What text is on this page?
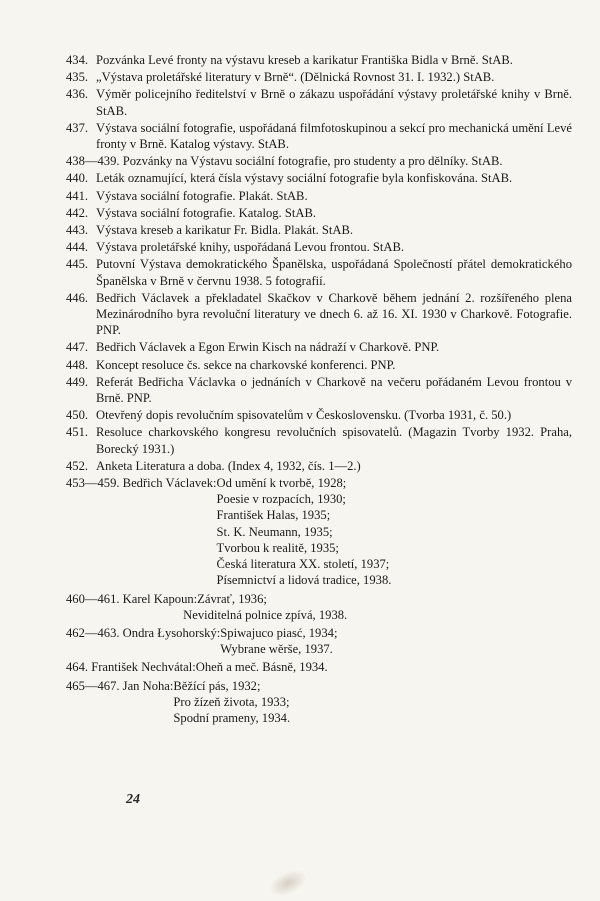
434. Pozvánka Levé fronty na výstavu kreseb a karikatur Františka Bidla v Brně. StAB.
435. „Výstava proletářské literatury v Brně“. (Dělnická Rovnost 31. I. 1932.) StAB.
436. Výměr policejního ředitelství v Brně o zákazu uspořádání výstavy proletářské knihy v Brně. StAB.
437. Výstava sociální fotografie, uspořádaná filmfotoskupinou a sekcí pro mechanická umění Levé fronty v Brně. Katalog výstavy. StAB.
438—439. Pozvánky na Výstavu sociální fotografie, pro studenty a pro dělníky. StAB.
440. Leták oznamující, která čísla výstavy sociální fotografie byla konfiskována. StAB.
441. Výstava sociální fotografie. Plakát. StAB.
442. Výstava sociální fotografie. Katalog. StAB.
443. Výstava kreseb a karikatur Fr. Bidla. Plakát. StAB.
444. Výstava proletářské knihy, uspořádaná Levou frontou. StAB.
445. Putovní Výstava demokratického Španělska, uspořádaná Společností přátel demokratického Španělska v Brně v červnu 1938. 5 fotografií.
446. Bedřich Václavek a překladatel Skačkov v Charkově během jednání 2. rozšířeného plena Mezinárodního byra revoluční literatury ve dnech 6. až 16. XI. 1930 v Charkově. Fotografie. PNP.
447. Bedřich Václavek a Egon Erwin Kisch na nádraží v Charkově. PNP.
448. Koncept resoluce čs. sekce na charkovské konferenci. PNP.
449. Referát Bedřicha Václavka o jednáních v Charkově na večeru pořádaném Levou frontou v Brně. PNP.
450. Otevřený dopis revolučním spisovatelům v Československu. (Tvorba 1931, č. 50.)
451. Resoluce charkovského kongresu revolučních spisovatelů. (Magazin Tvorby 1932. Praha, Borecký 1931.)
452. Anketa Literatura a doba. (Index 4, 1932, čís. 1—2.)
453—459. Bedřich Václavek: Od umění k tvorbě, 1928;
Poesie v rozpacích, 1930;
František Halas, 1935;
St. K. Neumann, 1935;
Tvorbou k realitě, 1935;
Česká literatura XX. století, 1937;
Písemnictví a lidová tradice, 1938.
460—461. Karel Kapoun: Závrať, 1936;
Neviditelná polnice zpívá, 1938.
462—463. Ondra Łysohorský: Spiwajuco piasć, 1934;
Wybrane wěrše, 1937.
464. František Nechvátal: Oheň a meč. Básně, 1934.
465—467. Jan Noha: Běžící pás, 1932;
Pro žízeň života, 1933;
Spodní prameny, 1934.
24
